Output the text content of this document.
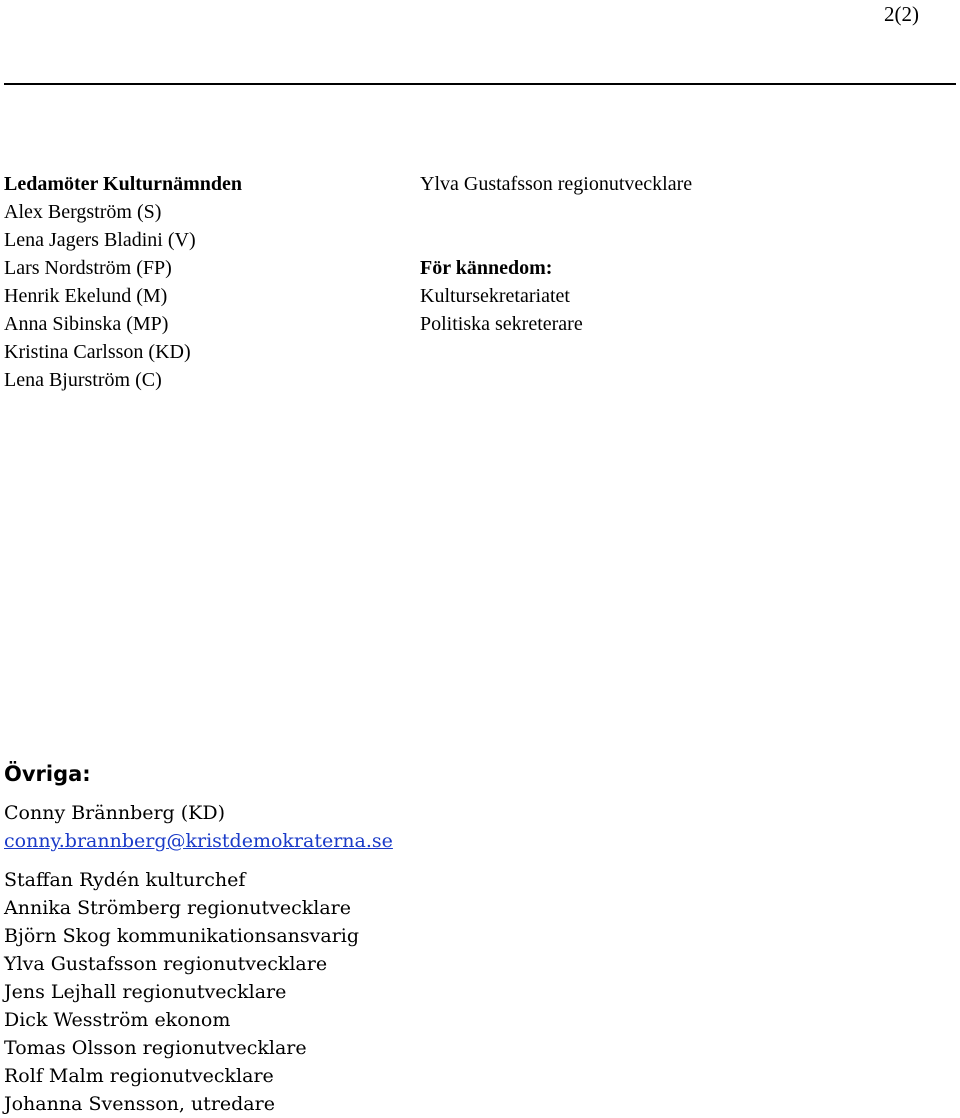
2(2)
Ledamöter Kulturnämnden
Alex Bergström (S)
Lena Jagers Bladini (V)
Lars Nordström (FP)
Henrik Ekelund (M)
Anna Sibinska (MP)
Kristina Carlsson (KD)
Lena Bjurström (C)
Ylva Gustafsson regionutvecklare
För kännedom:
Kultursekretariatet
Politiska sekreterare
Övriga:
Conny Brännberg (KD)
conny.brannberg@kristdemokraterna.se
Staffan Rydén kulturchef
Annika Strömberg regionutvecklare
Björn Skog kommunikationsansvarig
Ylva Gustafsson regionutvecklare
Jens Lejhall regionutvecklare
Dick Wesström ekonom
Tomas Olsson regionutvecklare
Rolf Malm regionutvecklare
Johanna Svensson, utredare
